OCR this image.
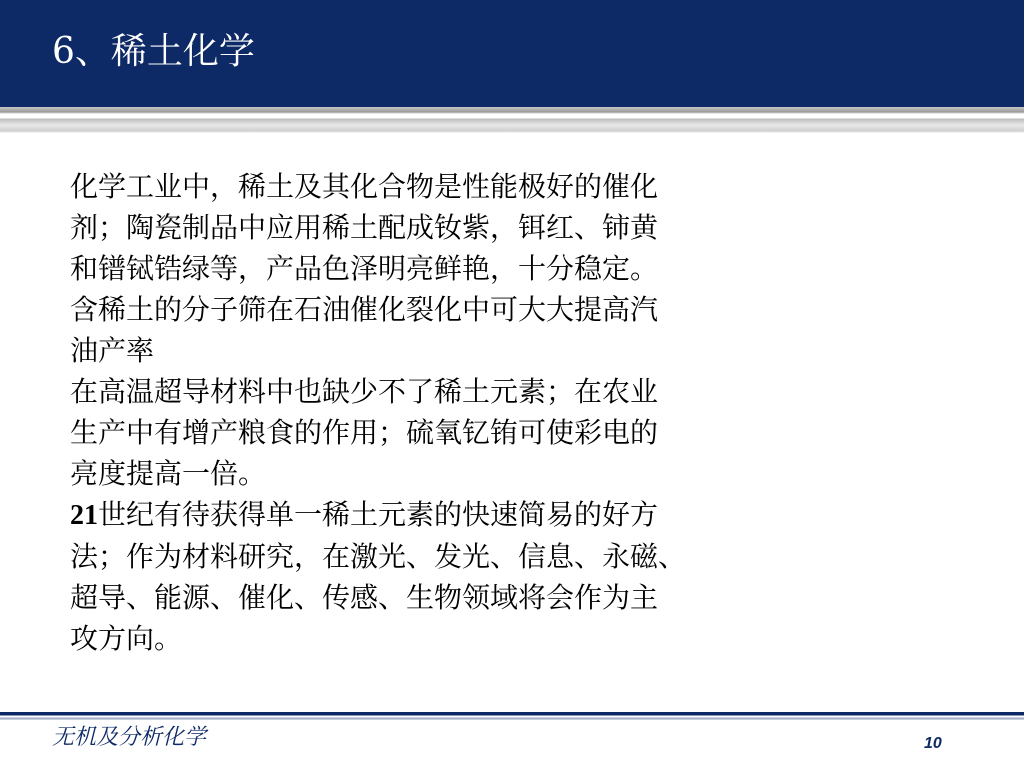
6、稀土化学

化学工业中，稀土及其化合物是性能极好的催化
剂；陶瓷制品中应用稀土配成钕紫，铒红、铈黄
和镨铽锆绿等，产品色泽明亮鲜艳，十分稳定。

含稀土的分子筛在石油催化裂化中可大大提高汽
油产率

在高温超导材料中也缺少不了稀土元素；在农业
生产中有增产粮食的作用；硫氧钇铕可使彩电的
亮度提高一倍。

21世纪有待获得单一稀土元素的快速简易的好方
法；作为材料研究，在激光、发光、信息、永磁、
超导、能源、催化、传感、生物领域将会作为主
攻方向。

无机及分析化学	10
